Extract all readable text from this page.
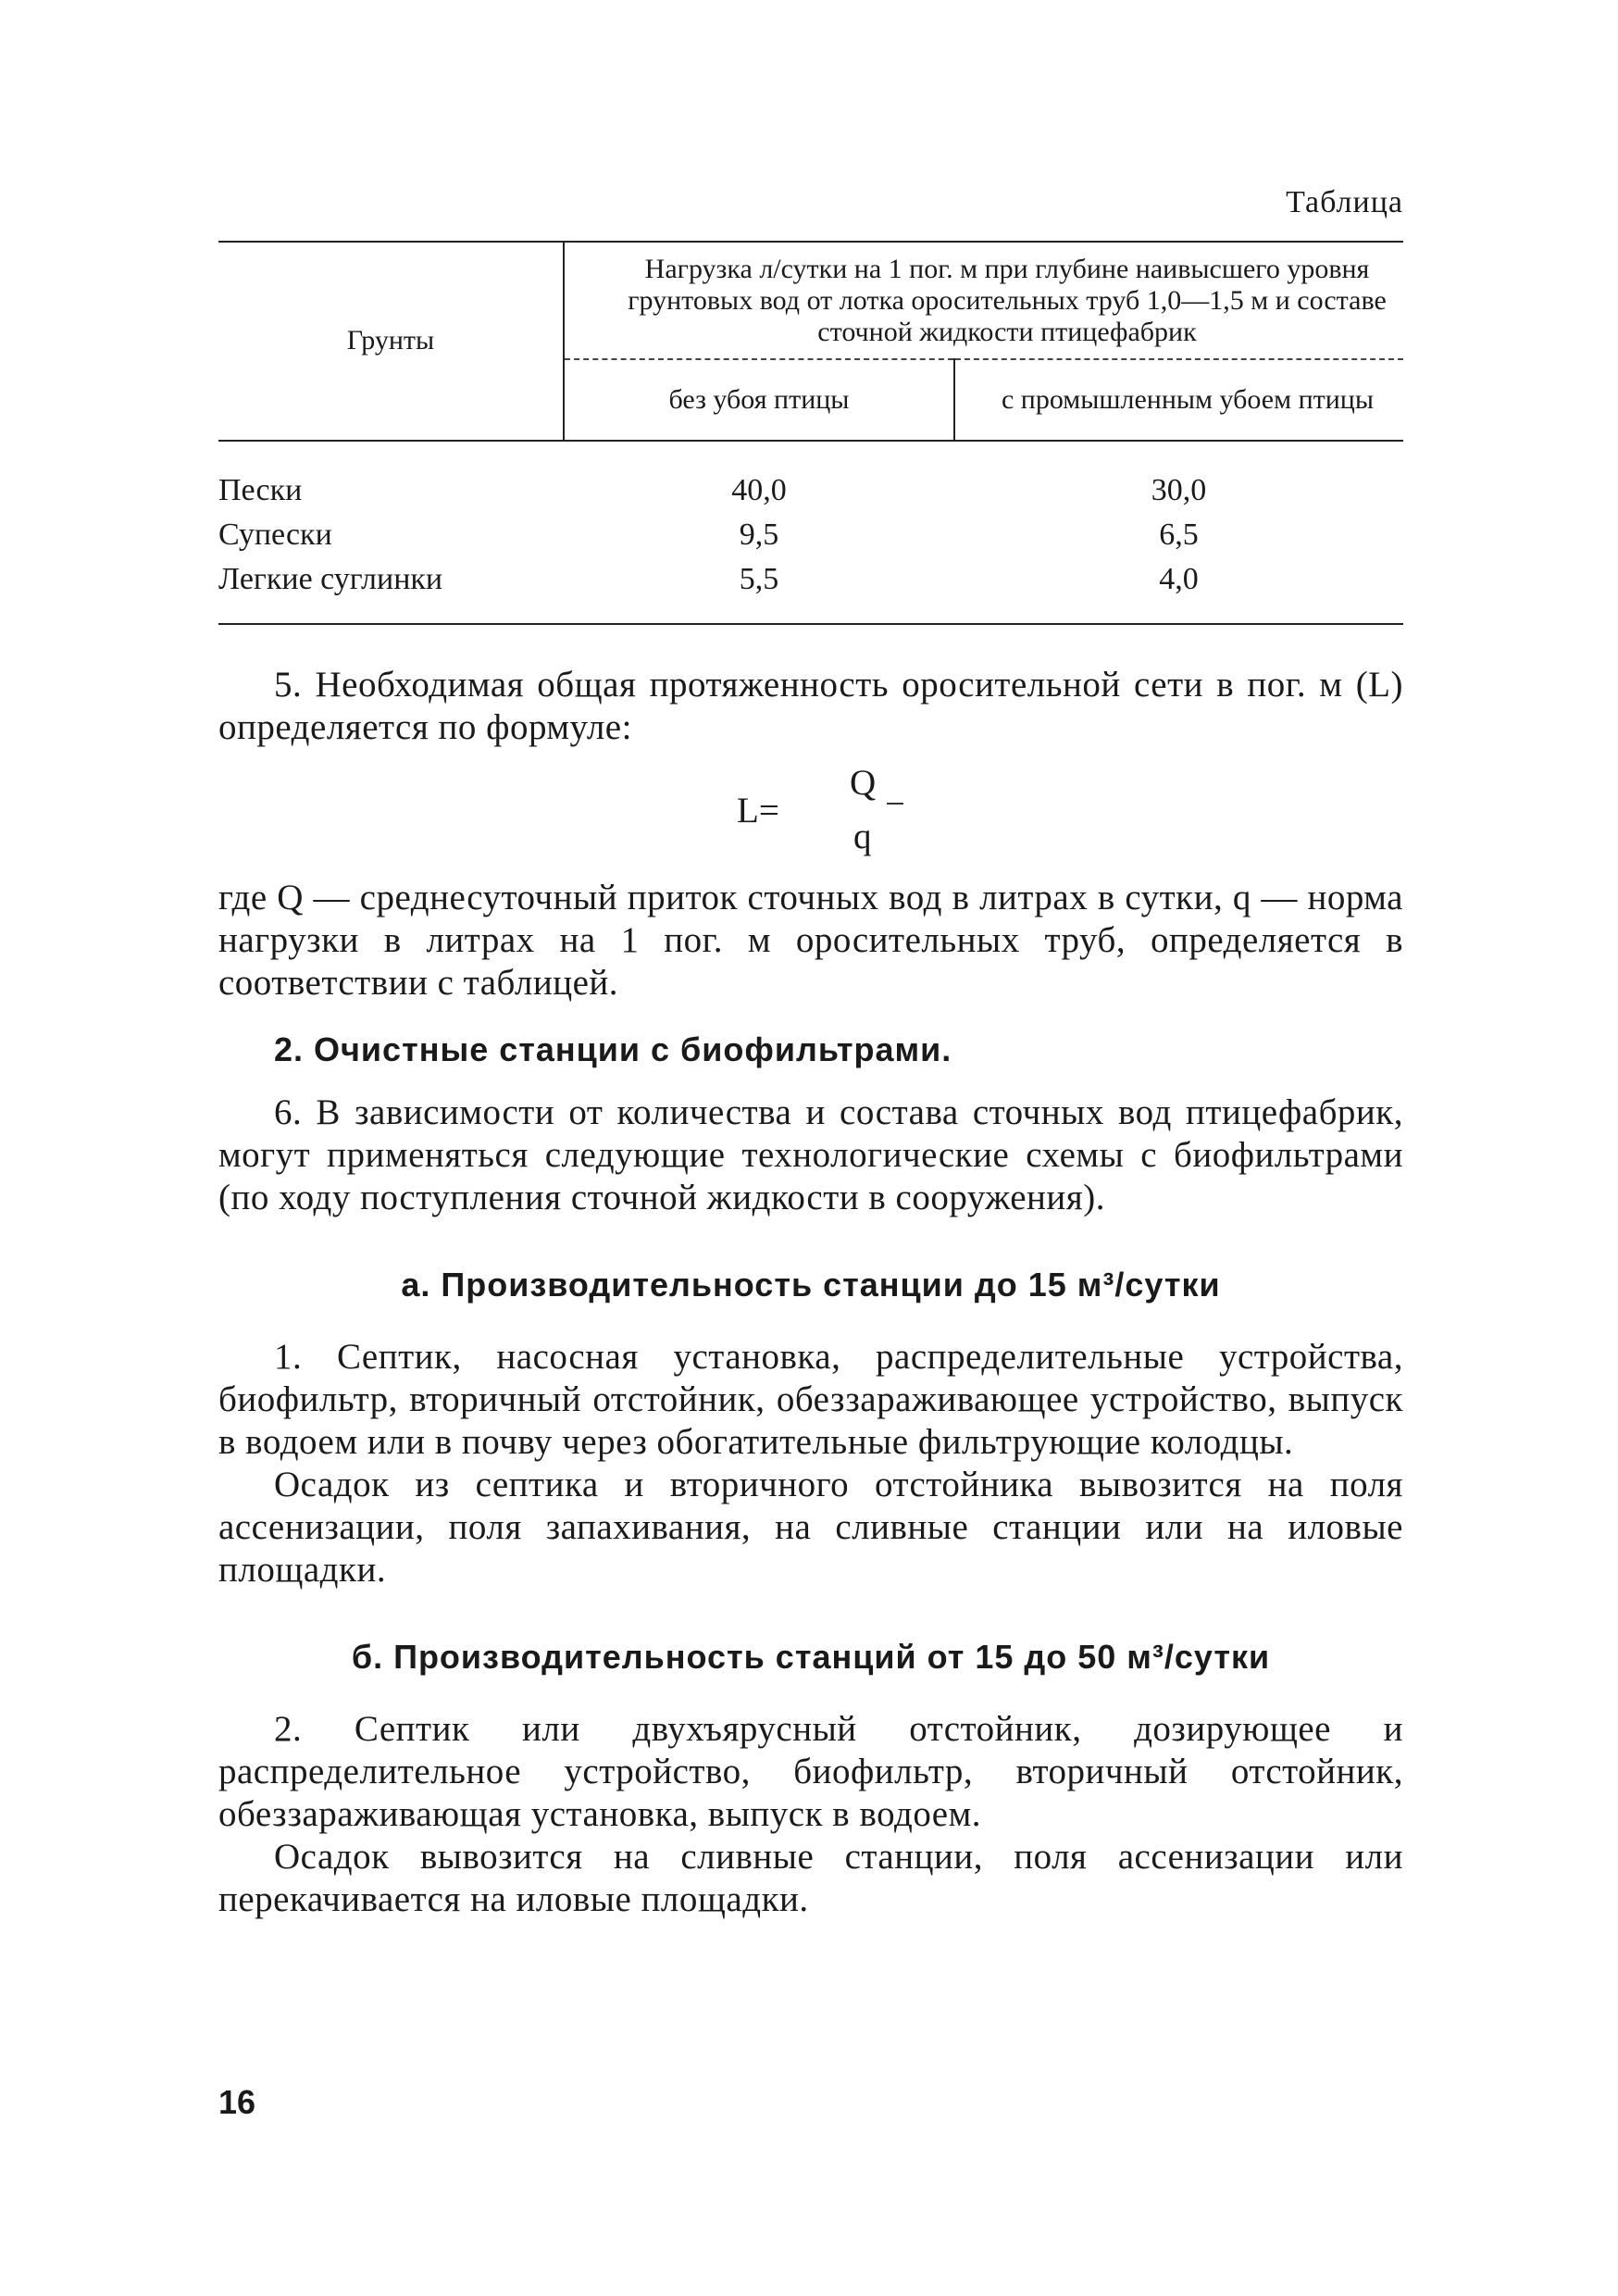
Таблица
Грунты	Нагрузка л/сутки на 1 пог. м при глубине наивысшего уровня грунтовых вод от лотка оросительных труб 1,0—1,5 м и составе сточной жидкости птицефабрик	
	без убоя птицы	с промышленным убоем птицы
Пески	40,0	30,0
Супески	9,5	6,5
Легкие суглинки	5,5	4,0

5. Необходимая общая протяженность оросительной сети в пог. м (L) определяется по формуле:

L=
Q
q

где Q — среднесуточный приток сточных вод в литрах в сутки, q — норма нагрузки в литрах на 1 пог. м оросительных труб, определяется в соответствии с таблицей.

2. Очистные станции с биофильтрами.

6. В зависимости от количества и состава сточных вод птицефабрик, могут применяться следующие технологические схемы с биофильтрами (по ходу поступления сточной жидкости в сооружения).

а. Производительность станции до 15 м³/сутки

1. Септик, насосная установка, распределительные устройства, биофильтр, вторичный отстойник, обеззараживающее устройство, выпуск в водоем или в почву через обогатительные фильтрующие колодцы.

Осадок из септика и вторичного отстойника вывозится на поля ассенизации, поля запахивания, на сливные станции или на иловые площадки.

б. Производительность станций от 15 до 50 м³/сутки

2. Септик или двухъярусный отстойник, дозирующее и распределительное устройство, биофильтр, вторичный отстойник, обеззараживающая установка, выпуск в водоем.

Осадок вывозится на сливные станции, поля ассенизации или перекачивается на иловые площадки.

16
